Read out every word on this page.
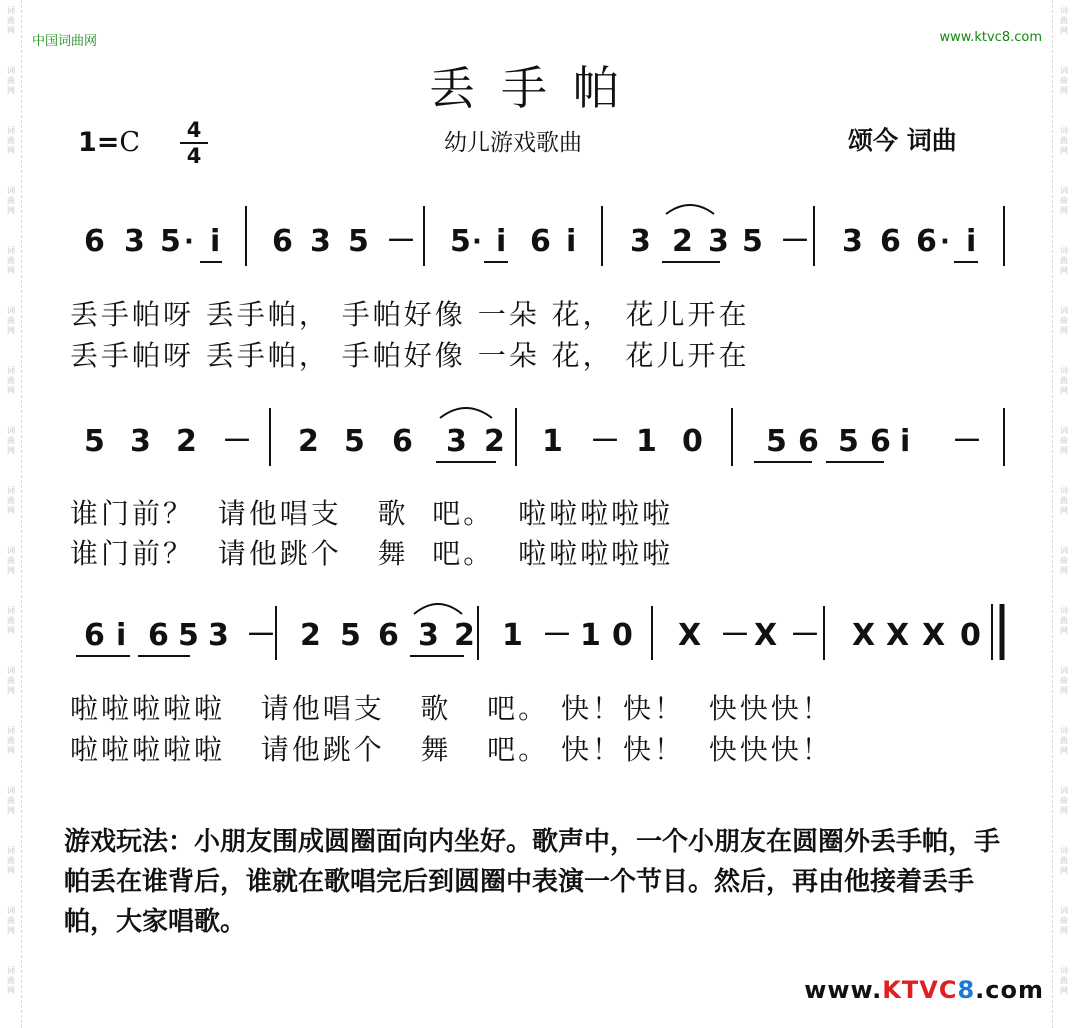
词
曲
网
词
曲
网
词
曲
网
词
曲
网
词
曲
网
词
曲
网
词
曲
网
词
曲
网
词
曲
网
词
曲
网
词
曲
网
词
曲
网
词
曲
网
词
曲
网
词
曲
网
词
曲
网
词
曲
网
词
曲
网
词
曲
网
词
曲
网
词
曲
网
词
曲
网
词
曲
网
词
曲
网
词
曲
网
词
曲
网
词
曲
网
词
曲
网
词
曲
网
词
曲
网
词
曲
网
词
曲
网
词
曲
网
词
曲
网
中国词曲网	www.ktvc8.com
丢手帕
1=C	4
4	幼儿游戏歌曲	颂今 词曲
6 3 5 · i 6 3 5 － 5 · i 6 i 3 2 3 5 － 3 6 6 · i
丢手帕呀 丢手帕， 手帕好像 一朵 花， 花儿开在
丢手帕呀 丢手帕， 手帕好像 一朵 花， 花儿开在
5 3 2 － 2 5 6 3 2 1 － 1 0 5 6 5 6 i －
谁门前？  请他唱支   歌  吧。  啦啦啦啦啦
谁门前？  请他跳个   舞  吧。  啦啦啦啦啦
6 i 6 5 3 － 2 5 6 3 2 1 － 1 0 X － X － X X X 0
啦啦啦啦啦   请他唱支   歌   吧。 快！快！  快快快！
啦啦啦啦啦   请他跳个   舞   吧。 快！快！  快快快！
游戏玩法：小朋友围成圆圈面向内坐好。歌声中，一个小朋友在圆圈外丢手帕，手帕丢在谁背后，谁就在歌唱完后到圆圈中表演一个节目。然后，再由他接着丢手帕，大家唱歌。
www.KTVC8.com
